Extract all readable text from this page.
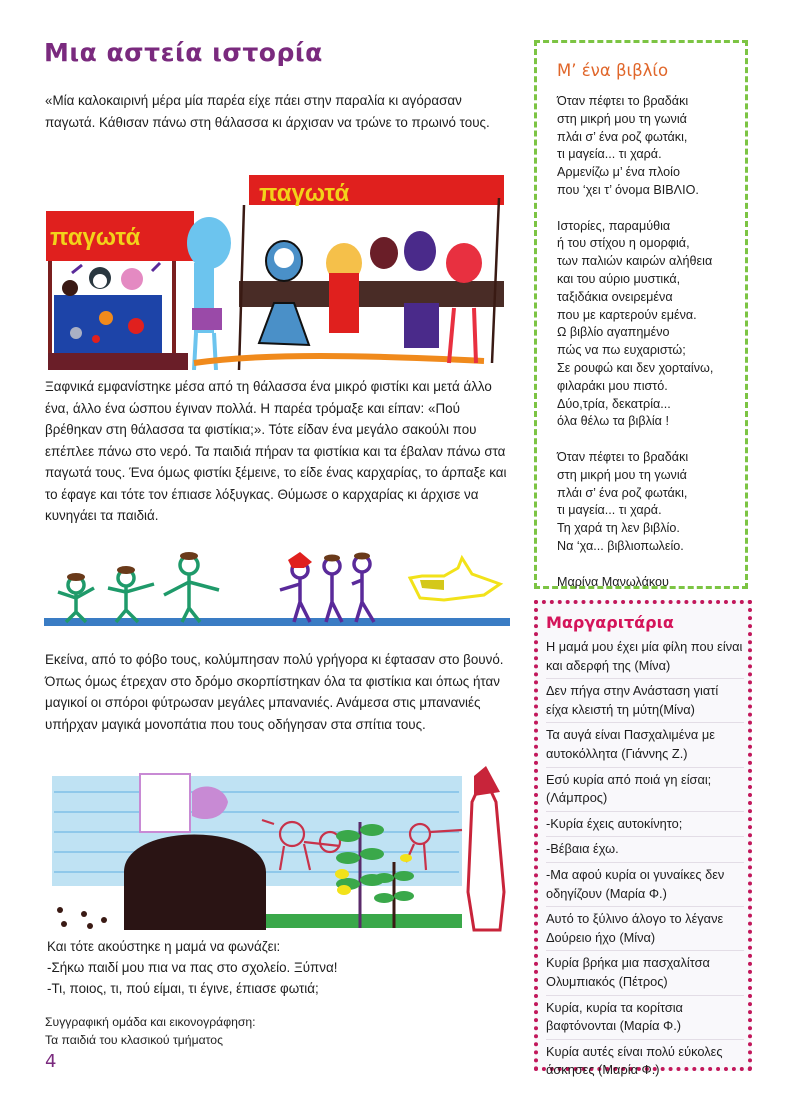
Μια αστεία ιστορία

«Μία καλοκαιρινή μέρα μία παρέα είχε πάει στην παραλία κι αγόρασαν παγωτά. Κάθισαν πάνω στη θάλασσα κι άρχισαν να τρώνε το πρωινό τους.

παγωτά
παγωτά

Ξαφνικά εμφανίστηκε μέσα από τη θάλασσα ένα μικρό φιστίκι και μετά άλλο ένα, άλλο ένα ώσπου έγιναν πολλά. Η παρέα τρόμαξε και είπαν: «Πού βρέθηκαν στη θάλασσα τα φιστίκια;». Τότε είδαν ένα μεγάλο σακούλι που επέπλεε πάνω στο νερό. Τα παιδιά πήραν τα φιστίκια και τα έβαλαν πάνω στα παγωτά τους. Ένα όμως φιστίκι ξέμεινε, το είδε ένας καρχαρίας, το άρπαξε και το έφαγε και τότε τον έπιασε λόξυγκας. Θύμωσε ο καρχαρίας κι άρχισε να κυνηγάει τα παιδιά.

Εκείνα, από το φόβο τους, κολύμπησαν πολύ γρήγορα κι έφτασαν στο βουνό. Όπως όμως έτρεχαν στο δρόμο σκορπίστηκαν όλα τα φιστίκια και όπως ήταν μαγικοί οι σπόροι φύτρωσαν μεγάλες μπανανιές. Ανάμεσα στις μπανανιές υπήρχαν μαγικά μονοπάτια που τους οδήγησαν στα σπίτια τους.

Και τότε ακούστηκε η μαμά να φωνάζει:
-Σήκω παιδί μου πια να πας στο σχολείο. Ξύπνα!
-Τι, ποιος, τι, πού είμαι, τι έγινε, έπιασε φωτιά;
Συγγραφική ομάδα και εικονογράφηση:
Τα παιδιά του κλασικού τμήματος
4
Μ’ ένα βιβλίο
Όταν πέφτει το βραδάκι
στη μικρή μου τη γωνιά
πλάι σ’ ένα ροζ φωτάκι,
τι μαγεία... τι χαρά.
Αρμενίζω μ’ ένα πλοίο
που ‘χει τ’ όνομα ΒΙΒΛΙΟ.
Ιστορίες, παραμύθια
ή του στίχου η ομορφιά,
των παλιών καιρών αλήθεια
και του αύριο μυστικά,
ταξιδάκια ονειρεμένα
που με καρτερούν εμένα.
Ω βιβλίο αγαπημένο
πώς να πω ευχαριστώ;
Σε ρουφώ και δεν χορταίνω,
φιλαράκι μου πιστό.
Δύο,τρία, δεκατρία...
όλα θέλω τα βιβλία !
Όταν πέφτει το βραδάκι
στη μικρή μου τη γωνιά
πλάι σ’ ένα ροζ φωτάκι,
τι μαγεία... τι χαρά.
Τη χαρά τη λεν βιβλίο.
Να ‘χα... βιβλιοπωλείο.
Μαρίνα Μανωλάκου
Μαργαριτάρια
Η μαμά μου έχει μία φίλη που είναι και αδερφή της (Μίνα)
Δεν πήγα στην Ανάσταση γιατί είχα κλειστή τη μύτη(Μίνα)
Τα αυγά είναι Πασχαλιμένα με αυτοκόλλητα (Γιάννης Ζ.)
Εσύ κυρία από ποιά γη είσαι; (Λάμπρος)
-Κυρία έχεις αυτοκίνητο;
-Βέβαια έχω.
-Μα αφού κυρία οι γυναίκες δεν οδηγίζουν (Μαρία Φ.)
Αυτό το ξύλινο άλογο το λέγανε Δούρειο ήχο (Μίνα)
Κυρία βρήκα μια πασχαλίτσα Ολυμπιακός (Πέτρος)
Κυρία, κυρία τα κορίτσια βαφτόνονται (Μαρία Φ.)
Κυρία αυτές είναι πολύ εύκολες άσκησες (Μαρία Φ.)
